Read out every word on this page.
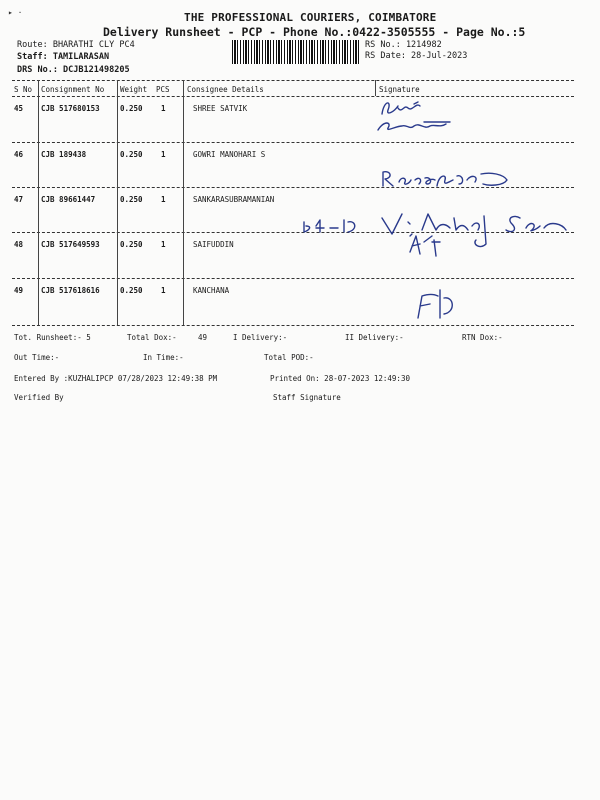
▸ ·	THE PROFESSIONAL COURIERS, COIMBATORE
Delivery Runsheet - PCP - Phone No.:0422-3505555 - Page No.:5
Route: BHARATHI CLY PC4
Staff: TAMILARASAN
DRS No.: DCJB121498205
RS No.: 1214982
RS Date: 28-Jul-2023
S No Consignment No Weight PCS Consignee Details	Signature
45 CJB 517680153	0.250 1	SHREE SATVIK
46 CJB 189438	0.250 1	GOWRI MANOHARI S
47 CJB 89661447	0.250 1	SANKARASUBRAMANIAN
48 CJB 517649593	0.250 1	SAIFUDDIN
49 CJB 517618616	0.250 1	KANCHANA
Tot. Runsheet:- 5	Total Dox:-	49	I Delivery:-	II Delivery:-	RTN Dox:-
Out Time:-	In Time:-	Total POD:-
Entered By :KUZHALIPCP 07/28/2023 12:49:38 PM	Printed On: 28-07-2023 12:49:30
Verified By	Staff Signature
